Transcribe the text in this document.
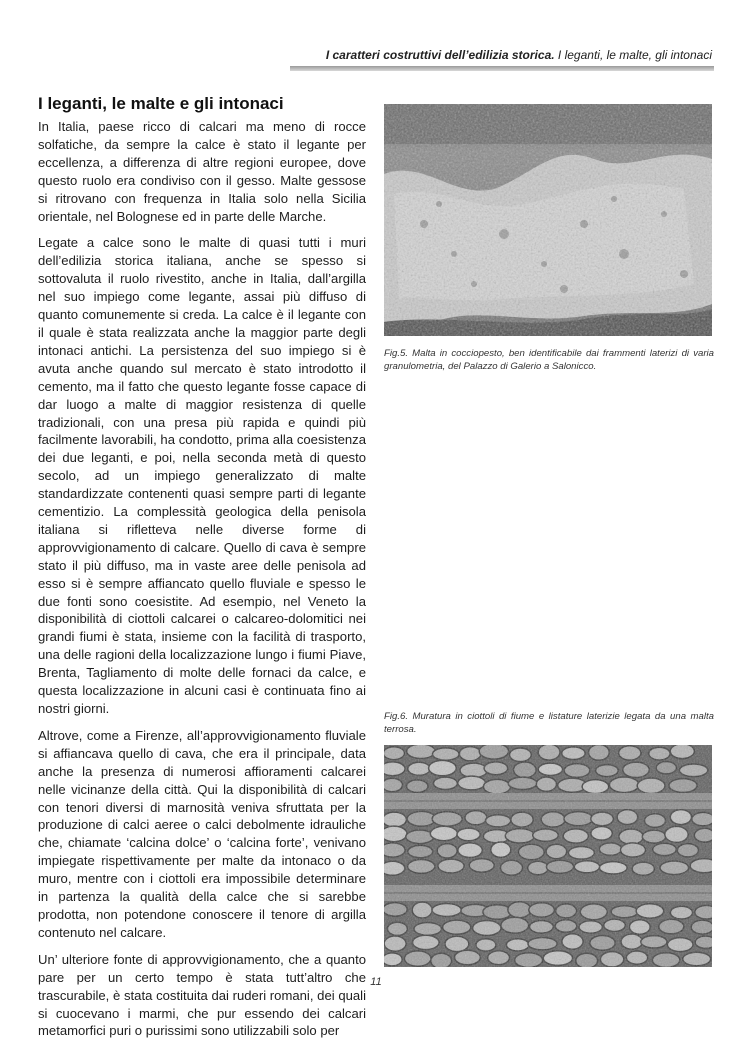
I caratteri costruttivi dell’edilizia storica. I leganti, le malte, gli intonaci
I leganti, le malte e gli intonaci

In Italia, paese ricco di calcari ma meno di rocce solfatiche, da sempre la calce è stato il legante per eccellenza, a differenza di altre regioni europee, dove questo ruolo era condiviso con il gesso. Malte gessose si ritrovano con frequenza in Italia solo nella Sicilia orientale, nel Bolognese ed in parte delle Marche.

Legate a calce sono le malte di quasi tutti i muri dell’edilizia storica italiana, anche se spesso si sottovaluta il ruolo rivestito, anche in Italia, dall’argilla nel suo impiego come legante, assai più diffuso di quanto comunemente si creda. La calce è il legante con il quale è stata realizzata anche la maggior parte degli intonaci antichi. La persistenza del suo impiego si è avuta anche quando sul mercato è stato introdotto il cemento, ma il fatto che questo legante fosse capace di dar luogo a malte di maggior resistenza di quelle tradizionali, con una presa più rapida e quindi più facilmente lavorabili, ha condotto, prima alla coesistenza dei due leganti, e poi, nella seconda metà di questo secolo, ad un impiego generalizzato di malte standardizzate contenenti quasi sempre parti di legante cementizio. La complessità geologica della penisola italiana si rifletteva nelle diverse forme di approvvigionamento di calcare. Quello di cava è sempre stato il più diffuso, ma in vaste aree delle penisola ad esso si è sempre affiancato quello fluviale e spesso le due fonti sono coesistite. Ad esempio, nel Veneto la disponibilità di ciottoli calcarei o calcareo-dolomitici nei grandi fiumi è stata, insieme con la facilità di trasporto, una delle ragioni della localizzazione lungo i fiumi Piave, Brenta, Tagliamento di molte delle fornaci da calce, e questa localizzazione in alcuni casi è continuata fino ai nostri giorni.

Altrove, come a Firenze, all’approvvigionamento fluviale si affiancava quello di cava, che era il principale, data anche la presenza di numerosi affioramenti calcarei nelle vicinanze della città. Qui la disponibilità di calcari con tenori diversi di marnosità veniva sfruttata per la produzione di calci aeree o calci debolmente idrauliche che, chiamate ‘calcina dolce’ o ‘calcina forte’, venivano impiegate rispettivamente per malte da intonaco o da muro, mentre con i ciottoli era impossibile determinare in partenza la qualità della calce che si sarebbe prodotta, non potendone conoscere il tenore di argilla contenuto nel calcare.

Un’ ulteriore fonte di approvvigionamento, che a quanto pare per un certo tempo è stata tutt’altro che trascurabile, è stata costituita dai ruderi romani, dei quali si cuocevano i marmi, che pur essendo dei calcari metamorfici puri o purissimi sono utilizzabili solo per

Fig.5. Malta in cocciopesto, ben identificabile dai frammenti laterizi di varia granulometria, del Palazzo di Galerio a Salonicco.
Fig.6. Muratura in ciottoli di fiume e listature laterizie legata da una malta terrosa.
11
